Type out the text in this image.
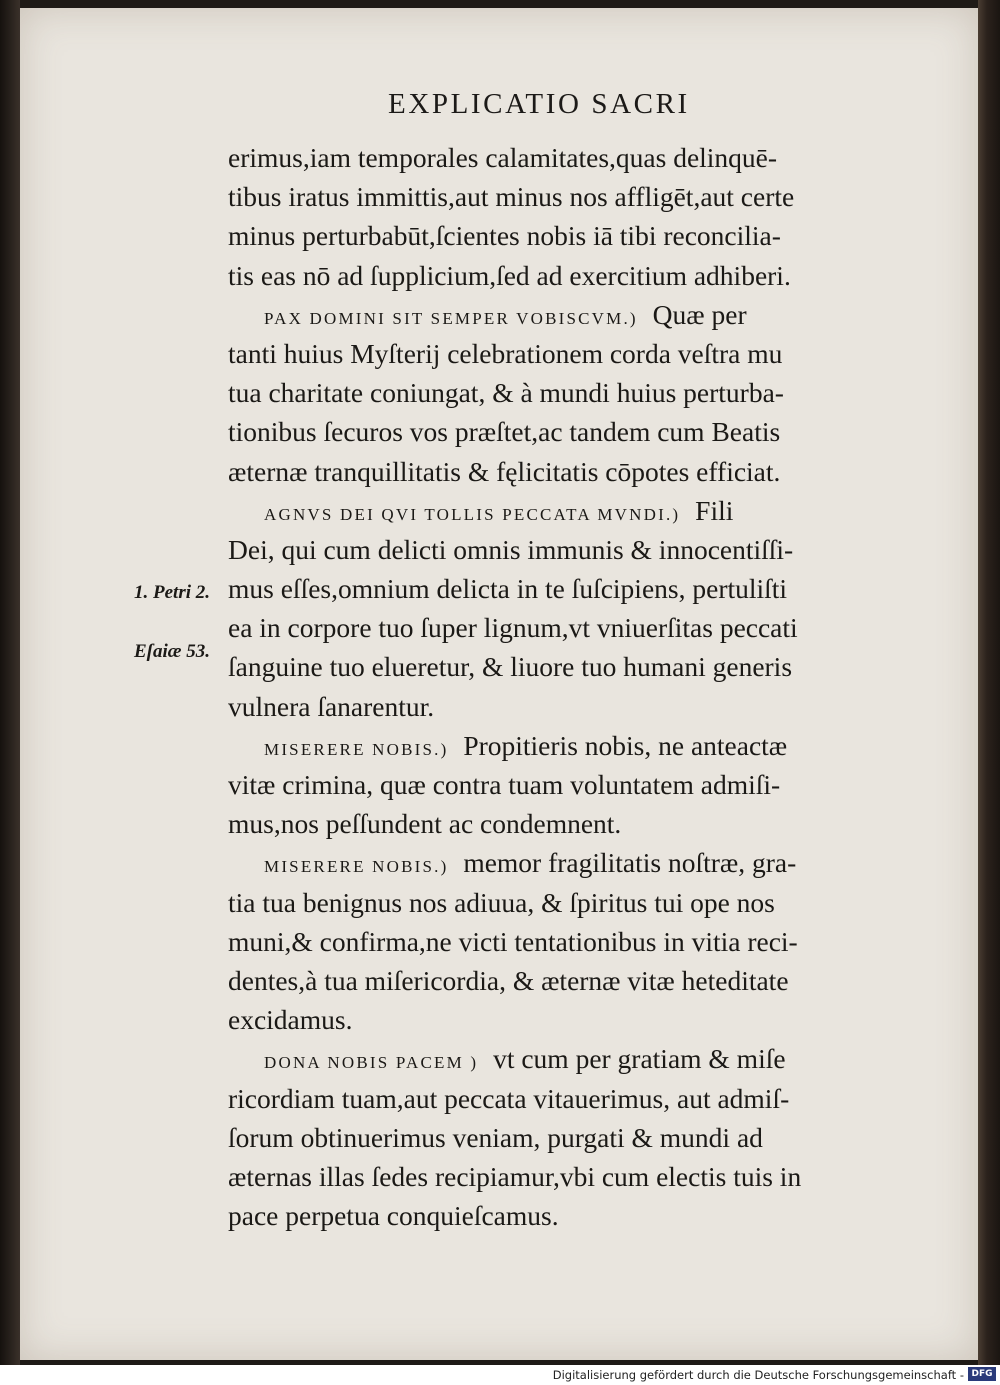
EXPLICATIO SACRI
erimus,iam temporales calamitates,quas delinquē-
tibus iratus immittis,aut minus nos affligēt,aut certe
minus perturbabūt,ſcientes nobis iā tibi reconcilia-
tis eas nō ad ſupplicium,ſed ad exercitium adhiberi.
PAX DOMINI SIT SEMPER VOBISCVM.) Quæ per
tanti huius Myſterij celebrationem corda veſtra mu
tua charitate coniungat, & à mundi huius perturba-
tionibus ſecuros vos præſtet,ac tandem cum Beatis
æternæ tranquillitatis & fęlicitatis cōpotes efficiat.
AGNVS DEI QVI TOLLIS PECCATA MVNDI.) Fili
Dei, qui cum delicti omnis immunis & innocentiſſi-
mus eſſes,omnium delicta in te ſuſcipiens, pertuliſti
ea in corpore tuo ſuper lignum,vt vniuerſitas peccati
ſanguine tuo elueretur, & liuore tuo humani generis
vulnera ſanarentur.
MISERERE NOBIS.) Propitieris nobis, ne anteactæ
vitæ crimina, quæ contra tuam voluntatem admiſi-
mus,nos peſſundent ac condemnent.
MISERERE NOBIS.) memor fragilitatis noſtræ, gra-
tia tua benignus nos adiuua, & ſpiritus tui ope nos
muni,& confirma,ne victi tentationibus in vitia reci-
dentes,à tua miſericordia, & æternæ vitæ heteditate
excidamus.
DONA NOBIS PACEM ) vt cum per gratiam & miſe
ricordiam tuam,aut peccata vitauerimus, aut admiſ-
ſorum obtinuerimus veniam, purgati & mundi ad
æternas illas ſedes recipiamur,vbi cum electis tuis in
pace perpetua conquieſcamus.
1. Petri 2.
Eſaiæ 53.
Digitalisierung gefördert durch die Deutsche Forschungsgemeinschaft - DFG
